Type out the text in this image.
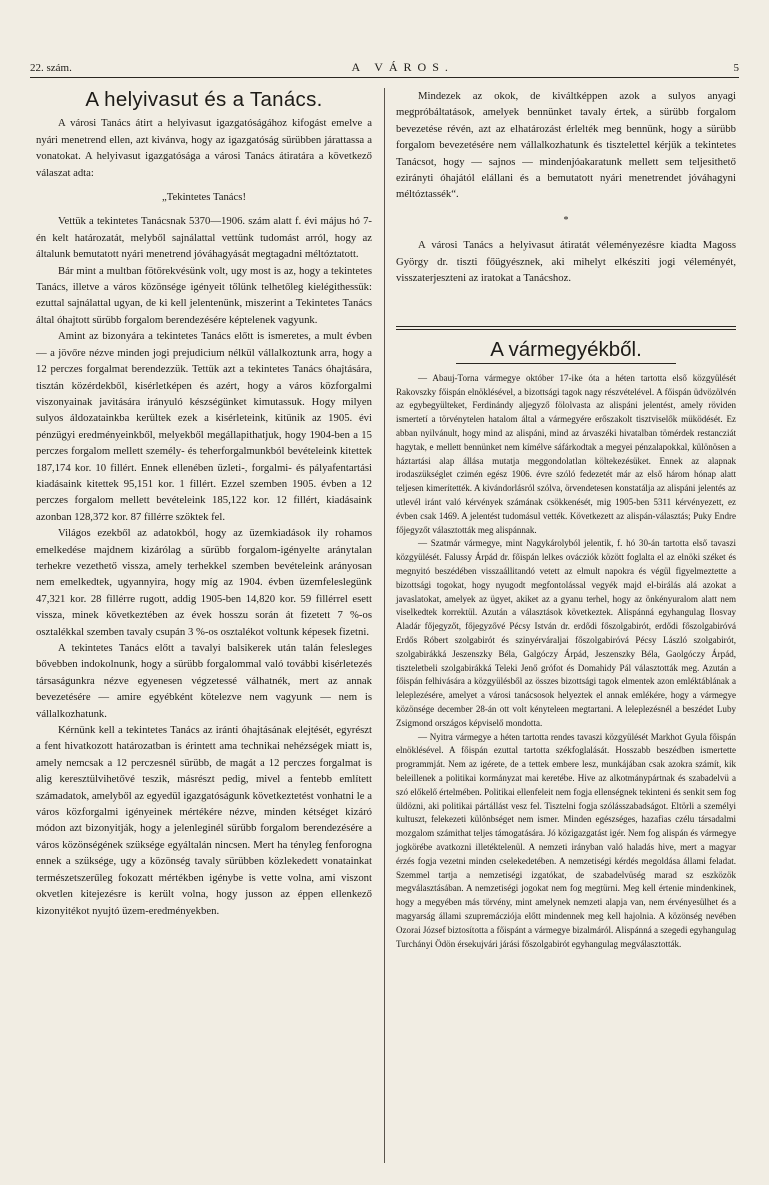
22. szám.	A VÁROS.	5
A helyivasut és a Tanács.

A városi Tanács átirt a helyivasut igazgatóságához kifogást emelve a nyári menetrend ellen, azt kivánva, hogy az igazgatóság sürübben járattassa a vonatokat. A helyivasut igazgatósága a városi Tanács átiratára a következő válaszat adta:

„Tekintetes Tanács!

Vettük a tekintetes Tanácsnak 5370—1906. szám alatt f. évi május hó 7-én kelt határozatát, melyből sajnálattal vettünk tudomást arról, hogy az általunk bemutatott nyári menetrend jóváhagyását megtagadni méltóztatott.

Bár mint a multban fötörekvésünk volt, ugy most is az, hogy a tekintetes Tanács, illetve a város közönsége igényeit tőlünk telhetőleg kielégithessük: ezuttal sajnálattal ugyan, de ki kell jelentenünk, miszerint a Tekintetes Tanács által óhajtott sürübb forgalom berendezésére képtelenek vagyunk.

Amint az bizonyára a tekintetes Tanács előtt is ismeretes, a mult évben — a jövőre nézve minden jogi prejudicium nélkül vállalkoztunk arra, hogy a 12 perczes forgalmat berendezzük. Tettük azt a tekintetes Tanács óhajtására, tisztán közérdekből, kisérletképen és azért, hogy a város közforgalmi viszonyainak javitására irányuló készségünket kimutassuk. Hogy milyen sulyos áldozatainkba kerültek ezek a kisérleteink, kitünik az 1905. évi pénzügyi eredményeinkből, melyekből megállapithatjuk, hogy 1904-ben a 15 perczes forgalom mellett személy- és teherforgalmunkból bevételeink kitettek 187,174 kor. 10 fillért. Ennek ellenében üzleti-, forgalmi- és pályafentartási kiadásaink kitettek 95,151 kor. 1 fillért. Ezzel szemben 1905. évben a 12 perczes forgalom mellett bevételeink 185,122 kor. 12 fillért, kiadásaink azonban 128,372 kor. 87 fillérre szöktek fel.

Világos ezekből az adatokból, hogy az üzemkiadások ily rohamos emelkedése majdnem kizárólag a sürübb forgalom-igényelte aránytalan terhekre vezethető vissza, amely terhekkel szemben bevételeink arányosan nem emelkedtek, ugyannyira, hogy míg az 1904. évben üzemfeleslegünk 47,321 kor. 28 fillérre rugott, addig 1905-ben 14,820 kor. 59 fillérrel esett vissza, minek következtében az évek hosszu során át fizetett 7 %-os osztalékkal szemben tavaly csupán 3 %-os osztalékot voltunk képesek fizetni.

A tekintetes Tanács előtt a tavalyi balsikerek után talán felesleges bővebben indokolnunk, hogy a sürübb forgalommal való további kisérletezés társaságunkra nézve egyenesen végzetessé válhatnék, mert az annak bevezetésére — amire egyébként kötelezve nem vagyunk — nem is vállalkozhatunk.

Kérnünk kell a tekintetes Tanács az iránti óhajtásának elejtését, egyrészt a fent hivatkozott határozatban is érintett ama technikai nehézségek miatt is, amely nemcsak a 12 perczesnél sürübb, de magát a 12 perczes forgalmat is alig keresztülvihetővé teszik, másrészt pedig, mivel a fentebb említett számadatok, amelyből az egyedül igazgatóságunk következtetést vonhatni le a város közforgalmi igényeinek mértékére nézve, minden kétséget kizáró módon azt bizonyitják, hogy a jelenleginél sürübb forgalom berendezésére a város közönségének szüksége egyáltalán nincsen. Mert ha tényleg fenforogna ennek a szüksége, ugy a közönség tavaly sürübben közlekedett vonatainkat természetszerűleg fokozatt mértékben igénybe is vette volna, ami viszont okvetlen kitejezésre is került volna, hogy jusson az éppen ellenkező kizonyitékot nyujtó üzem-eredményekben.

Mindezek az okok, de kiváltképpen azok a sulyos anyagi megpróbáltatások, amelyek bennünket tavaly értek, a sürübb forgalom bevezetése révén, azt az elhatározást érlelték meg bennünk, hogy a sürübb forgalom bevezetésére nem vállalkozhatunk és tisztelettel kérjük a tekintetes Tanácsot, hogy — sajnos — mindenjóakaratunk mellett sem teljesithető ezirányti óhajától elállani és a bemutatott nyári menetrendet jóváhagyni méltóztassék“.

*

A városi Tanács a helyivasut átiratát véleményezésre kiadta Magoss György dr. tiszti főügyésznek, aki mihelyt elkésziti jogi véleményét, visszaterjeszteni az iratokat a Tanácshoz.

A vármegyékből.

— Abauj-Torna vármegye október 17-ike óta a héten tartotta első közgyülését Rakovszky főispán elnöklésével, a bizottsági tagok nagy részvételével. A főispán üdvözölvén az egybegyülteket, Ferdinándy aljegyző fölolvasta az alispáni jelentést, amely röviden ismertetí a törvénytelen hatalom által a vármegyére erőszakolt tisztviselők müködését. Ez abban nyilvánult, hogy mind az alispáni, mind az árvaszéki hivatalban tömérdek restancziát hagytak, e mellett bennünket nem kímélve sáfárkodtak a megyei pénzalapokkal, különösen a háztartási alap állása mutatja meggondolatlan költekezésüket. Ennek az alapnak irodaszükséglet czimén egész 1906. évre szóló fedezetét már az első három hónap alatt teljesen kimerítették. A kivándorlásról szólva, örvendetesen konstatálja az alispáni jelentés az utlevél iránt való kérvények számának csökkenését, mig 1905-ben 5311 kérvényezett, ez évben csak 1469. A jelentést tudomásul vették. Következett az alispán-választás; Puky Endre főjegyzőt választották meg alispánnak.

— Szatmár vármegye, mint Nagykárolyból jelentik, f. hó 30-án tartotta első tavaszi közgyülését. Falussy Árpád dr. főispán lelkes ovácziók között foglalta el az elnöki széket és megnyitó beszédében visszaállitandó vetett az elmult napokra és végül figyelmeztette a bizottsági togokat, hogy nyugodt megfontolással vegyék majd el-birálás alá azokat a javaslatokat, amelyek az ügyet, akiket az a gyanu terhel, hogy az önkényuralom alatt nem viselkedtek korrektül. Azután a választások következtek. Alispánná egyhangulag Ilosvay Aladár főjegyzőt, főjegyzővé Pécsy István dr. erdődi főszolgabirót, erdődi főszolgabiróvá Erdős Róbert szolgabirót és szinyérváraljai főszolgabiróvá Pécsy László szolgabirót, szolgabirákká Jeszenszky Béla, Galgóczy Árpád, Jeszenszky Béla, Gaolgóczy Árpád, tiszteletbeli szolgabirákká Teleki Jenő grófot és Domahidy Pál választották meg. Azután a főispán felhivására a közgyülésből az összes bizottsági tagok elmentek azon emléktáblának a leleplezésére, amelyet a városi tanácsosok helyeztek el annak emlékére, hogy a vármegye közönsége december 28-án ott volt kényteleen megtartani. A leleplezésnél a beszédet Luby Zsigmond országos képviselő mondotta.

— Nyitra vármegye a héten tartotta rendes tavaszi közgyülését Markhot Gyula főispán elnöklésével. A főispán ezuttal tartotta székfoglalását. Hosszabb beszédben ismertette programmját. Nem az igérete, de a tettek embere lesz, munkájában csak azokra számít, kik beleillenek a politikai kormányzat mai keretébe. Hive az alkotmánypártnak és szabadelvü a szó előkelő értelmében. Politikai ellenfeleit nem fogja ellenségnek tekinteni és senkit sem fog üldözni, aki politikai pártállást vesz fel. Tisztelni fogja szólásszabadságot. Eltörli a személyi kultuszt, felekezeti különbséget nem ismer. Minden egészséges, hazafias czélu társadalmi mozgalom számithat teljes támogatására. Jó közigazgatást igér. Nem fog alispán és vármegye jogkörébe avatkozni illetéktelenül. A nemzeti irányban való haladás hive, mert a magyar érzés fogja vezetni minden cselekedetében. A nemzetiségi kérdés megoldása állami feladat. Szemmel tartja a nemzetiségi izgatókat, de szabadelvüség marad sz eszközök megválasztásában. A nemzetiségi jogokat nem fog megtürni. Meg kell értenie mindenkinek, hogy a megyében más törvény, mint amelynek nemzeti alapja van, nem érvényesülhet és a magyarság állami szupremácziója előtt mindennek meg kell hajolnia. A közönség nevében Ozorai József biztosította a főispánt a vármegye bizalmáról. Alispánná a szegedi egyhangulag Turchányi Ödön érsekujvári járási főszolgabirót egyhangulag megválasztották.
